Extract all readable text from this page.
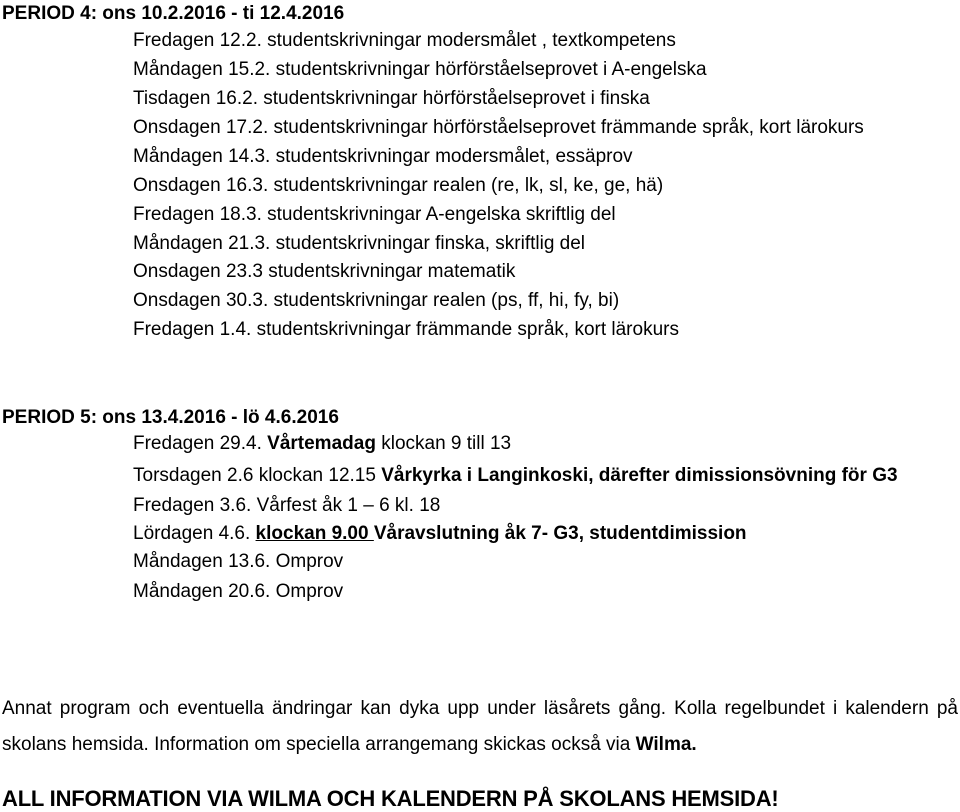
PERIOD 4: ons 10.2.2016 - ti 12.4.2016
Fredagen 12.2. studentskrivningar modersmålet , textkompetens
Måndagen 15.2. studentskrivningar hörförståelseprovet i A-engelska
Tisdagen 16.2. studentskrivningar hörförståelseprovet i finska
Onsdagen 17.2. studentskrivningar hörförståelseprovet främmande språk, kort lärokurs
Måndagen 14.3. studentskrivningar modersmålet, essäprov
Onsdagen 16.3. studentskrivningar realen (re, lk, sl, ke, ge, hä)
Fredagen 18.3. studentskrivningar A-engelska skriftlig del
Måndagen 21.3. studentskrivningar finska, skriftlig del
Onsdagen 23.3 studentskrivningar matematik
Onsdagen 30.3. studentskrivningar realen (ps, ff, hi, fy, bi)
Fredagen 1.4. studentskrivningar främmande språk, kort lärokurs
PERIOD 5: ons 13.4.2016 - lö 4.6.2016
Fredagen 29.4. Vårtemadag klockan 9 till 13
Torsdagen 2.6 klockan 12.15 Vårkyrka i Langinkoski, därefter dimissionsövning för G3
Fredagen 3.6. Vårfest åk 1 – 6 kl. 18
Lördagen 4.6. klockan 9.00 Våravslutning åk 7- G3, studentdimission
Måndagen 13.6. Omprov
Måndagen 20.6. Omprov
Annat program och eventuella ändringar kan dyka upp under läsårets gång. Kolla regelbundet i kalendern på skolans hemsida. Information om speciella arrangemang skickas också via Wilma.
ALL INFORMATION VIA WILMA OCH KALENDERN PÅ SKOLANS HEMSIDA!
